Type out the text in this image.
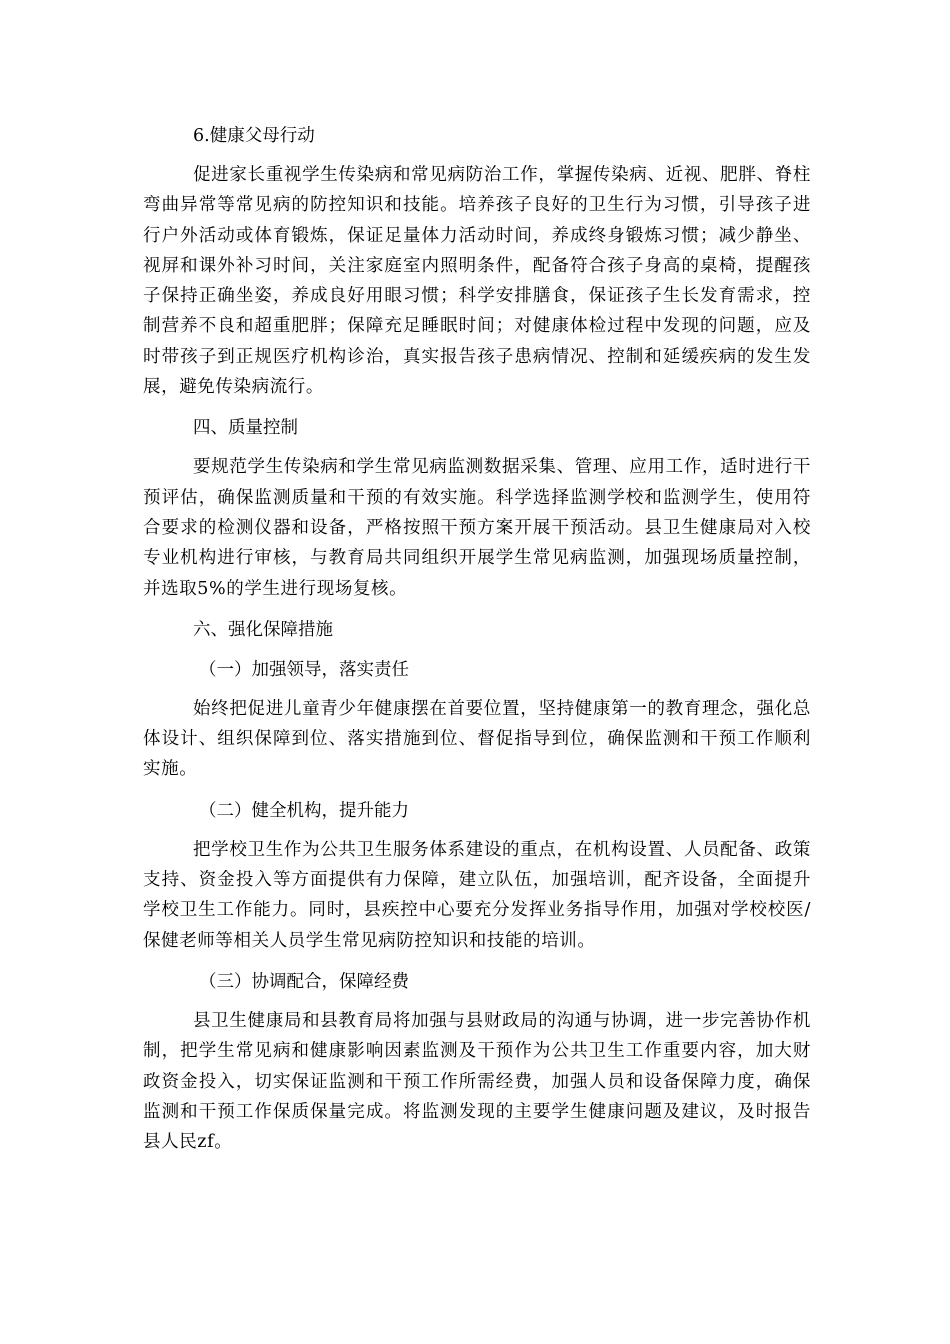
6.健康父母行动
促进家长重视学生传染病和常见病防治工作，掌握传染病、近视、肥胖、脊柱弯曲异常等常见病的防控知识和技能。培养孩子良好的卫生行为习惯，引导孩子进行户外活动或体育锻炼，保证足量体力活动时间，养成终身锻炼习惯；减少静坐、视屏和课外补习时间，关注家庭室内照明条件，配备符合孩子身高的桌椅，提醒孩子保持正确坐姿，养成良好用眼习惯；科学安排膳食，保证孩子生长发育需求，控制营养不良和超重肥胖；保障充足睡眠时间；对健康体检过程中发现的问题，应及时带孩子到正规医疗机构诊治，真实报告孩子患病情况、控制和延缓疾病的发生发展，避免传染病流行。
四、质量控制
要规范学生传染病和学生常见病监测数据采集、管理、应用工作，适时进行干预评估，确保监测质量和干预的有效实施。科学选择监测学校和监测学生，使用符合要求的检测仪器和设备，严格按照干预方案开展干预活动。县卫生健康局对入校专业机构进行审核，与教育局共同组织开展学生常见病监测，加强现场质量控制，并选取5%的学生进行现场复核。
六、强化保障措施
（一）加强领导，落实责任
始终把促进儿童青少年健康摆在首要位置，坚持健康第一的教育理念，强化总体设计、组织保障到位、落实措施到位、督促指导到位，确保监测和干预工作顺利实施。
（二）健全机构，提升能力
把学校卫生作为公共卫生服务体系建设的重点，在机构设置、人员配备、政策支持、资金投入等方面提供有力保障，建立队伍，加强培训，配齐设备，全面提升学校卫生工作能力。同时，县疾控中心要充分发挥业务指导作用，加强对学校校医/保健老师等相关人员学生常见病防控知识和技能的培训。
（三）协调配合，保障经费
县卫生健康局和县教育局将加强与县财政局的沟通与协调，进一步完善协作机制，把学生常见病和健康影响因素监测及干预作为公共卫生工作重要内容，加大财政资金投入，切实保证监测和干预工作所需经费，加强人员和设备保障力度，确保监测和干预工作保质保量完成。将监测发现的主要学生健康问题及建议，及时报告县人民zf。
